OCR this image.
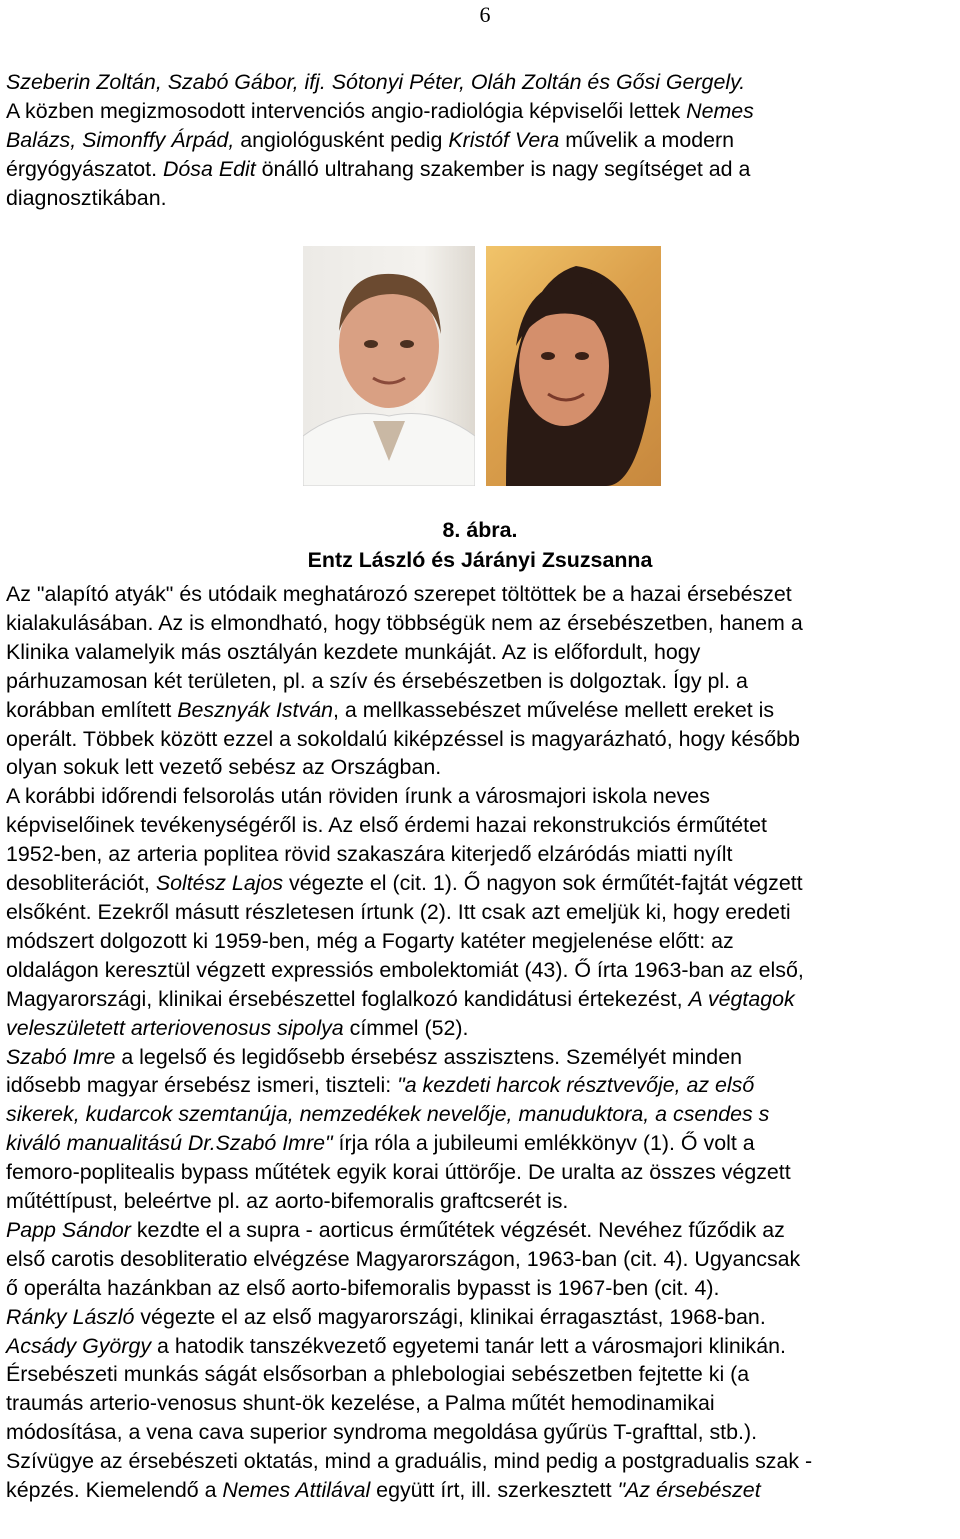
6

Szeberin Zoltán, Szabó Gábor, ifj. Sótonyi Péter, Oláh Zoltán és Gősi Gergely.

A közben megizmosodott intervenciós angio-radiológia képviselői lettek Nemes

Balázs, Simonffy Árpád, angiológusként pedig Kristóf Vera művelik a modern

érgyógyászatot. Dósa Edit önálló ultrahang szakember is nagy segítséget ad a

diagnosztikában.

8. ábra.
Entz László és Járányi Zsuzsanna

Az "alapító atyák" és utódaik meghatározó szerepet töltöttek be a hazai érsebészet

kialakulásában. Az is elmondható, hogy többségük nem az érsebészetben, hanem a

Klinika valamelyik más osztályán kezdete munkáját. Az is előfordult, hogy

párhuzamosan két területen, pl. a szív és érsebészetben is dolgoztak. Így pl. a

korábban említett Besznyák István, a mellkassebészet művelése mellett ereket is

operált. Többek között ezzel a sokoldalú kiképzéssel is magyarázható, hogy később

olyan sokuk lett vezető sebész az Országban.

A korábbi időrendi felsorolás után röviden írunk a városmajori iskola neves

képviselőinek tevékenységéről is. Az első érdemi hazai rekonstrukciós érműtétet

1952-ben, az arteria poplitea rövid szakaszára kiterjedő elzáródás miatti nyílt

desobliterációt, Soltész Lajos végezte el (cit. 1). Ő nagyon sok érműtét-fajtát végzett

elsőként. Ezekről másutt részletesen írtunk (2). Itt csak azt emeljük ki, hogy eredeti

módszert dolgozott ki 1959-ben, még a Fogarty katéter megjelenése előtt: az

oldalágon keresztül végzett expressiós embolektomiát (43). Ő írta 1963-ban az első,

Magyarországi, klinikai érsebészettel foglalkozó kandidátusi értekezést, A végtagok

veleszületett arteriovenosus sipolya címmel (52).

Szabó Imre a legelső és legidősebb érsebész asszisztens. Személyét minden

idősebb magyar érsebész ismeri, tiszteli: "a kezdeti harcok résztvevője, az első

sikerek, kudarcok szemtanúja, nemzedékek nevelője, manuduktora, a csendes s

kiváló manualitású Dr.Szabó Imre" írja róla a jubileumi emlékkönyv (1). Ő volt a

femoro-poplitealis bypass műtétek egyik korai úttörője. De uralta az összes végzett

műtéttípust, beleértve pl. az aorto-bifemoralis graftcserét is.

Papp Sándor kezdte el a supra - aorticus érműtétek végzését. Nevéhez fűződik az

első carotis desobliteratio elvégzése Magyarországon, 1963-ban (cit. 4). Ugyancsak

ő operálta hazánkban az első aorto-bifemoralis bypasst is 1967-ben (cit. 4).

Ránky László végezte el az első magyarországi, klinikai érragasztást, 1968-ban.

Acsády György a hatodik tanszékvezető egyetemi tanár lett a városmajori klinikán.

Érsebészeti munkás ságát elsősorban a phlebologiai sebészetben fejtette ki (a

traumás arterio-venosus shunt-ök kezelése, a Palma műtét hemodinamikai

módosítása, a vena cava superior syndroma megoldása gyűrüs T-grafttal, stb.).

Szívügye az érsebészeti oktatás, mind a graduális, mind pedig a postgradualis szak -

képzés. Kiemelendő a Nemes Attilával együtt írt, ill. szerkesztett "Az érsebészet
